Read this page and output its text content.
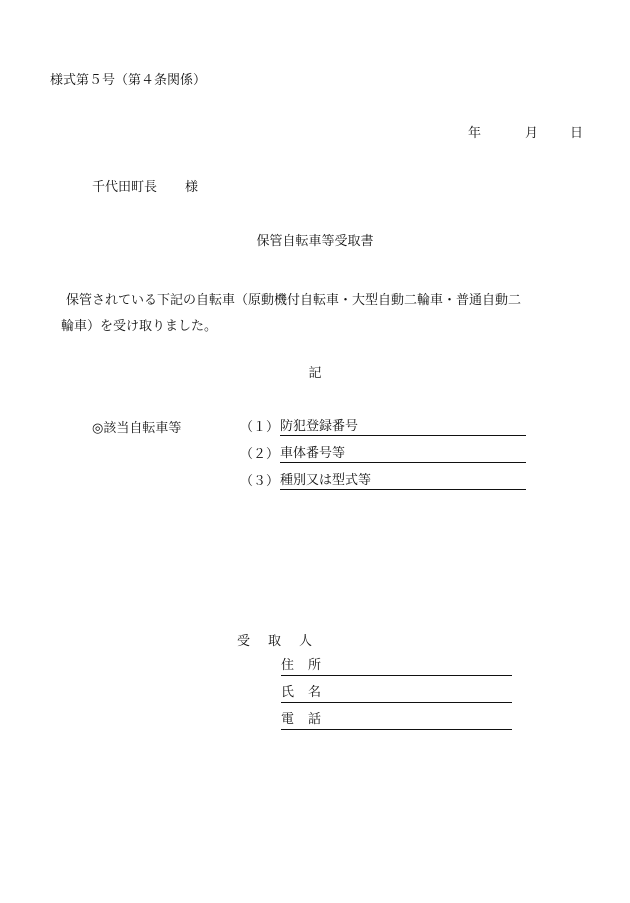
様式第５号（第４条関係）
年	月 日
千代田町長 様
保管自転車等受取書
保管されている下記の自転車（原動機付自転車・大型自動二輪車・普通自動二
輪車）を受け取りました。
記
◎該当自転車等	（１） 防犯登録番号
（２） 車体番号等
（３） 種別又は型式等
受取人
住所
氏名
電話
